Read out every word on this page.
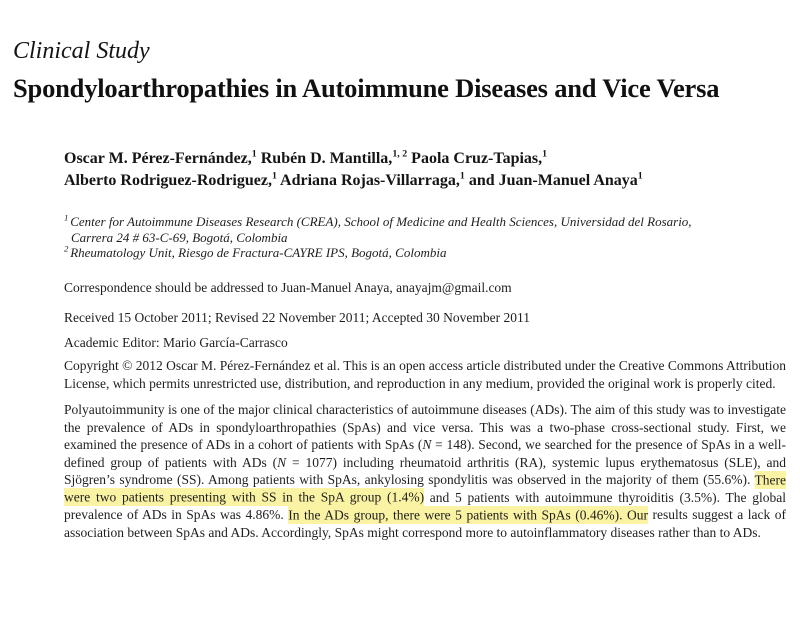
Clinical Study
Spondyloarthropathies in Autoimmune Diseases and Vice Versa
Oscar M. Pérez-Fernández,$^1$ Rubén D. Mantilla,$^{1, 2}$ Paola Cruz-Tapias,$^1$
Alberto Rodriguez-Rodriguez,$^1$ Adriana Rojas-Villarraga,$^1$ and Juan-Manuel Anaya$^1$
$^1$ Center for Autoimmune Diseases Research (CREA), School of Medicine and Health Sciences, Universidad del Rosario,
Carrera 24 # 63-C-69, Bogotá, Colombia
$^2$ Rheumatology Unit, Riesgo de Fractura-CAYRE IPS, Bogotá, Colombia
Correspondence should be addressed to Juan-Manuel Anaya, anayajm@gmail.com
Received 15 October 2011; Revised 22 November 2011; Accepted 30 November 2011
Academic Editor: Mario García-Carrasco
Copyright © 2012 Oscar M. Pérez-Fernández et al. This is an open access article distributed under the Creative Commons Attribution License, which permits unrestricted use, distribution, and reproduction in any medium, provided the original work is properly cited.
Polyautoimmunity is one of the major clinical characteristics of autoimmune diseases (ADs). The aim of this study was to investigate the prevalence of ADs in spondyloarthropathies (SpAs) and vice versa. This was a two-phase cross-sectional study. First, we examined the presence of ADs in a cohort of patients with SpAs (N = 148). Second, we searched for the presence of SpAs in a well-defined group of patients with ADs (N = 1077) including rheumatoid arthritis (RA), systemic lupus erythematosus (SLE), and Sjögren’s syndrome (SS). Among patients with SpAs, ankylosing spondylitis was observed in the majority of them (55.6%). There were two patients presenting with SS in the SpA group (1.4%) and 5 patients with autoimmune thyroiditis (3.5%). The global prevalence of ADs in SpAs was 4.86%. In the ADs group, there were 5 patients with SpAs (0.46%). Our results suggest a lack of association between SpAs and ADs. Accordingly, SpAs might correspond more to autoinflammatory diseases rather than to ADs.
